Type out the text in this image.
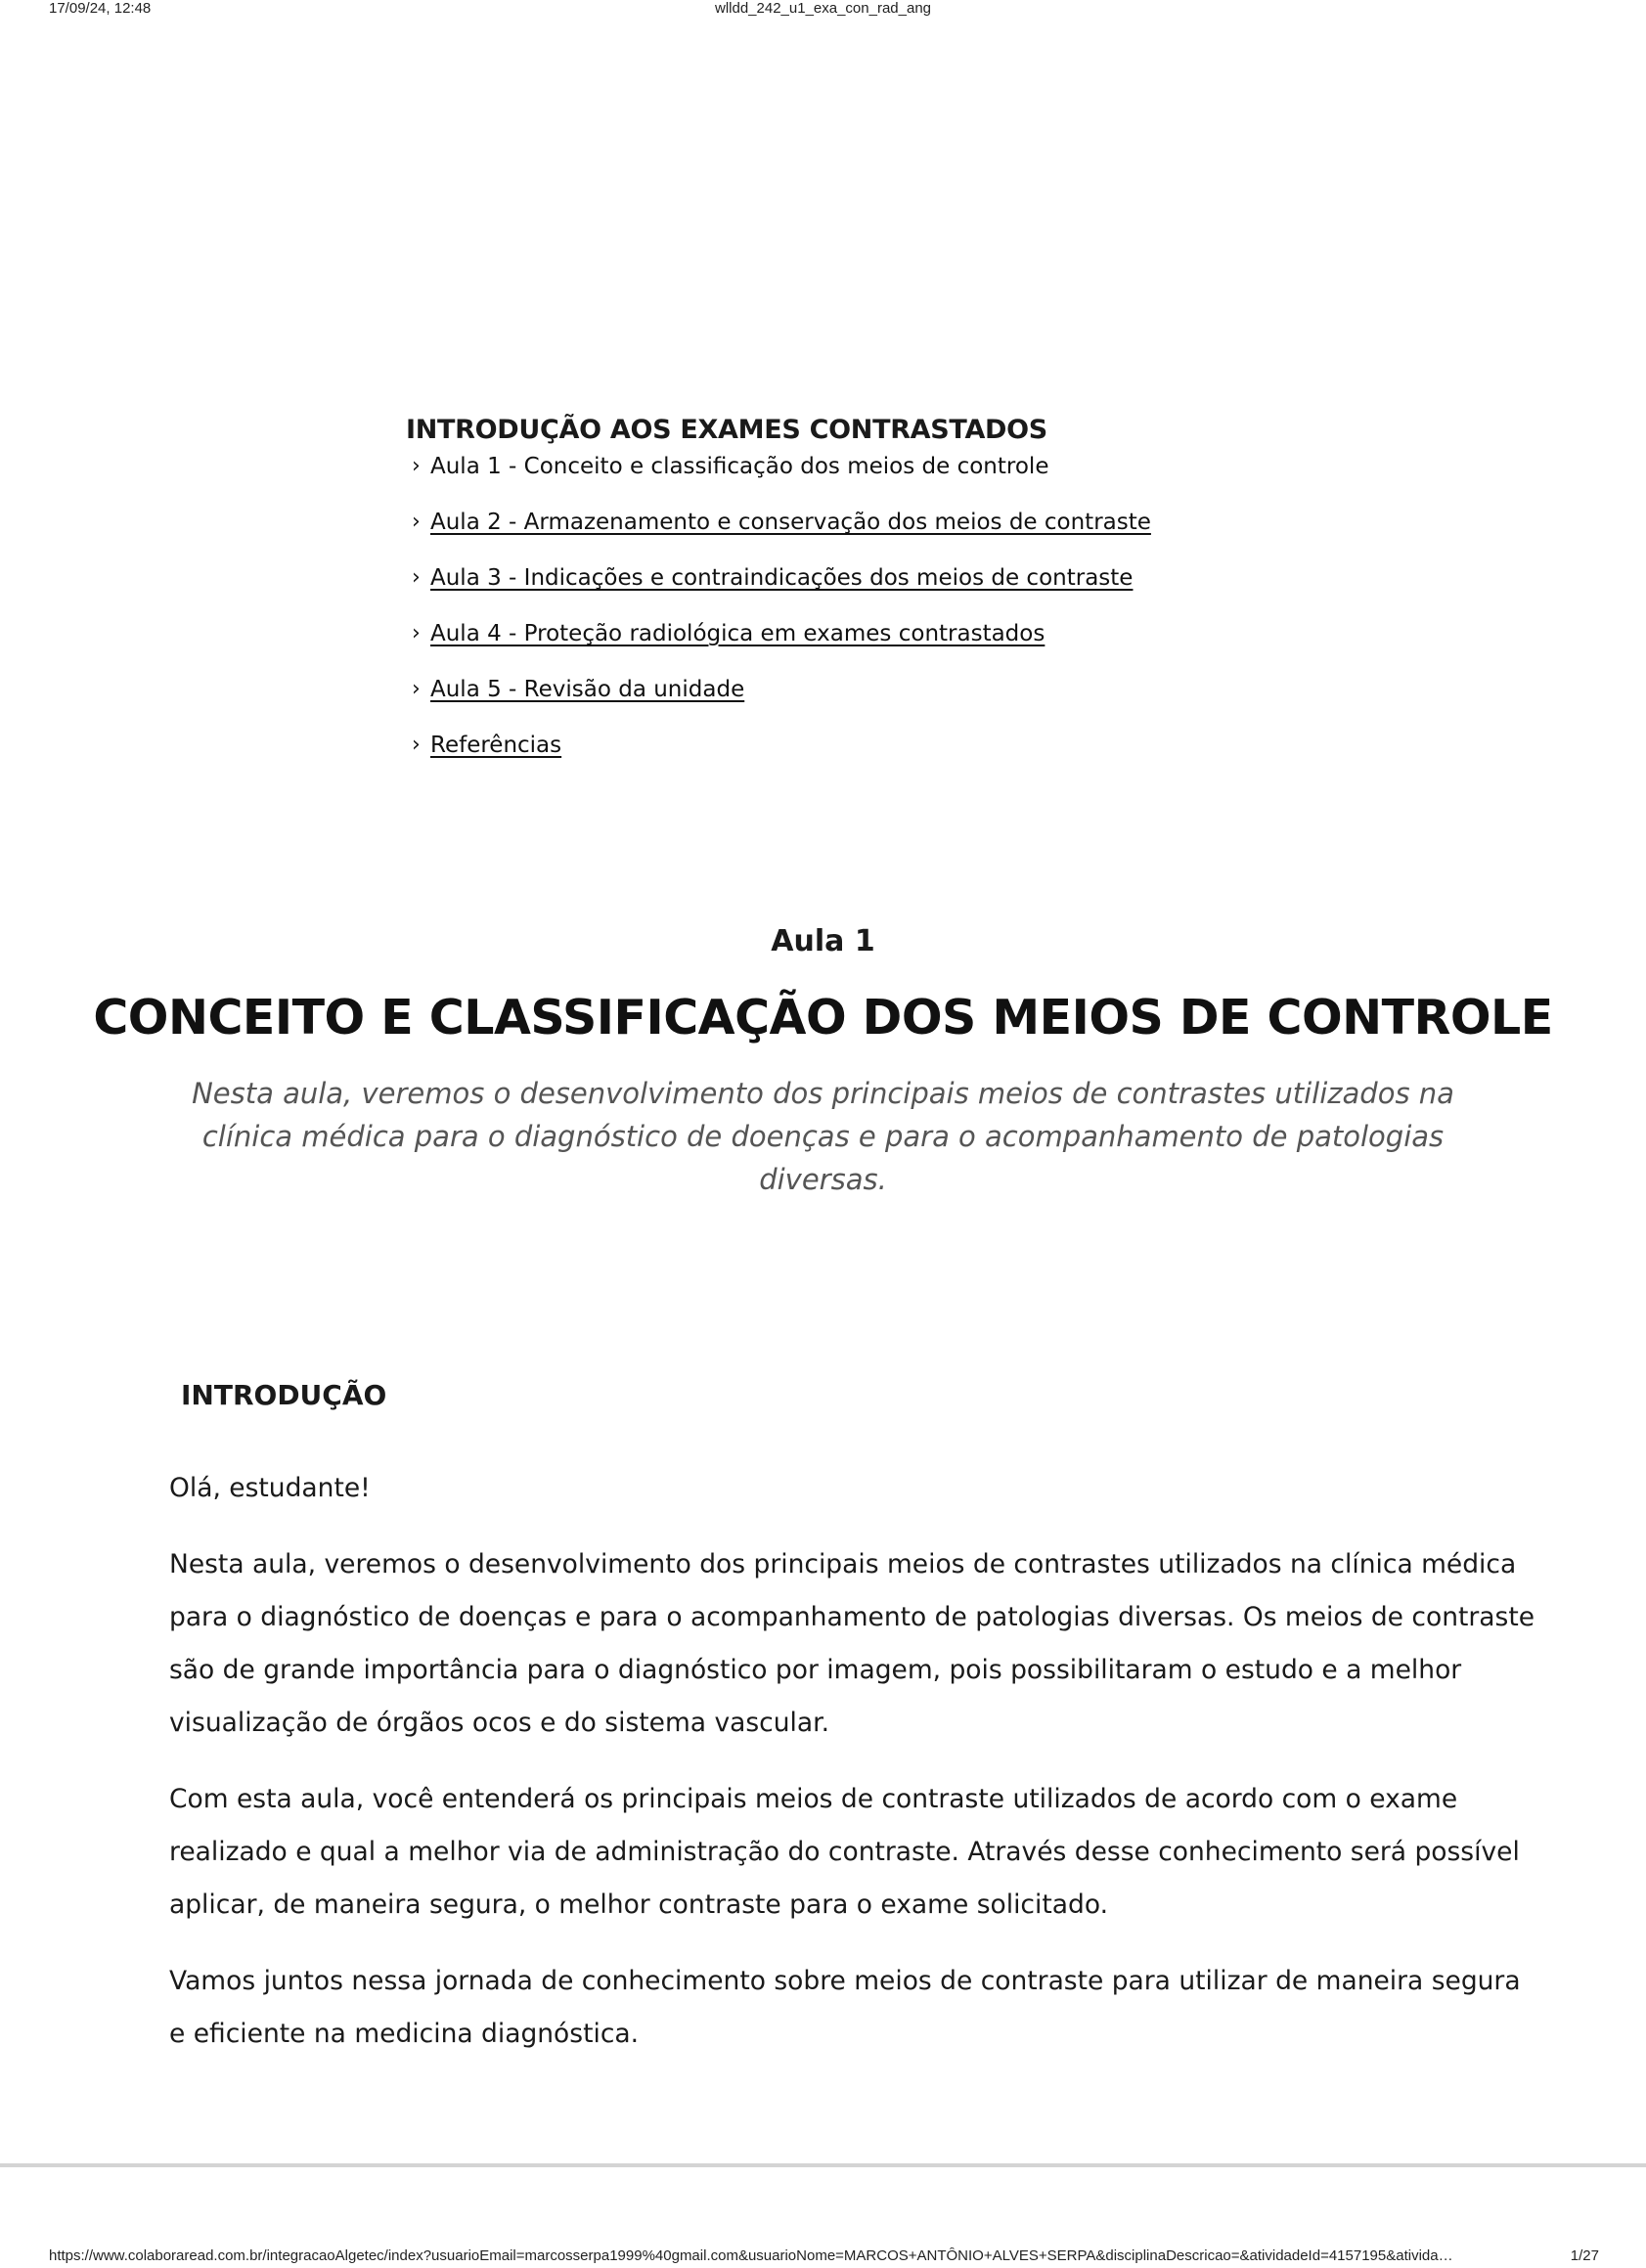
17/09/24, 12:48	wlldd_242_u1_exa_con_rad_ang
INTRODUÇÃO AOS EXAMES CONTRASTADOS
› Aula 1 - Conceito e classificação dos meios de controle
› Aula 2 - Armazenamento e conservação dos meios de contraste
› Aula 3 - Indicações e contraindicações dos meios de contraste
› Aula 4 - Proteção radiológica em exames contrastados
› Aula 5 - Revisão da unidade
› Referências
Aula 1
CONCEITO E CLASSIFICAÇÃO DOS MEIOS DE CONTROLE

Nesta aula, veremos o desenvolvimento dos principais meios de contrastes utilizados na clínica médica para o diagnóstico de doenças e para o acompanhamento de patologias diversas.

INTRODUÇÃO

Olá, estudante!

Nesta aula, veremos o desenvolvimento dos principais meios de contrastes utilizados na clínica médica para o diagnóstico de doenças e para o acompanhamento de patologias diversas. Os meios de contraste são de grande importância para o diagnóstico por imagem, pois possibilitaram o estudo e a melhor visualização de órgãos ocos e do sistema vascular.

Com esta aula, você entenderá os principais meios de contraste utilizados de acordo com o exame realizado e qual a melhor via de administração do contraste. Através desse conhecimento será possível aplicar, de maneira segura, o melhor contraste para o exame solicitado.

Vamos juntos nessa jornada de conhecimento sobre meios de contraste para utilizar de maneira segura e eficiente na medicina diagnóstica.

https://www.colaboraread.com.br/integracaoAlgetec/index?usuarioEmail=marcosserpa1999%40gmail.com&usuarioNome=MARCOS+ANTÔNIO+ALVES+SERPA&disciplinaDescricao=&atividadeId=4157195&ativida…	1/27
